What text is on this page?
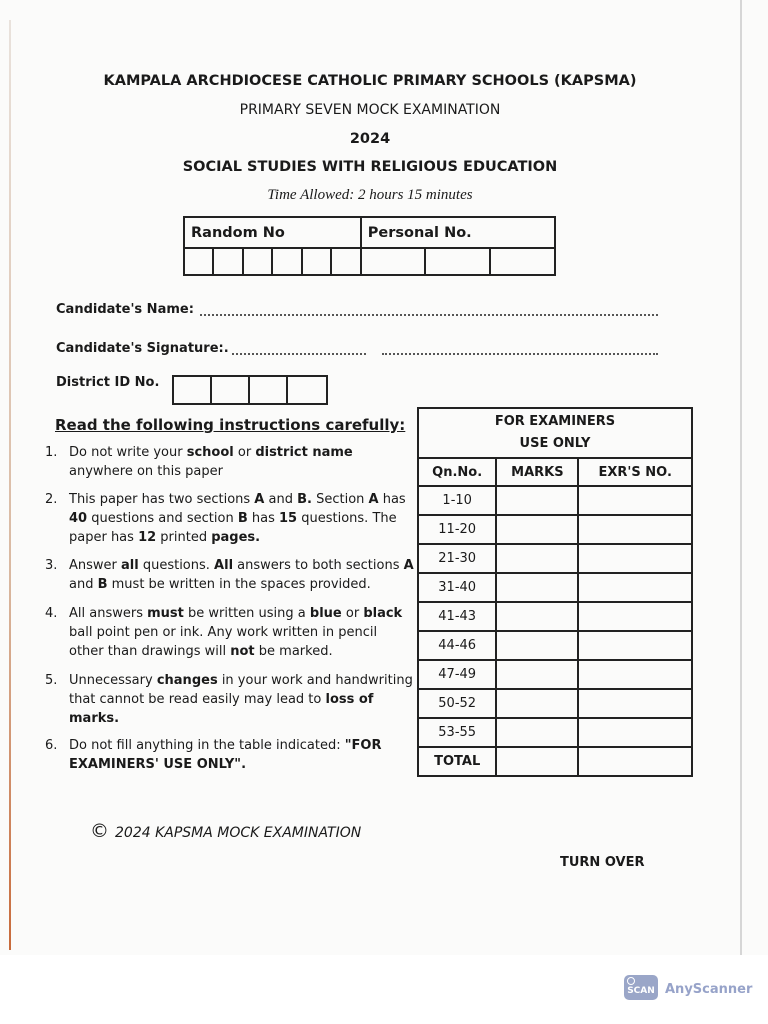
KAMPALA ARCHDIOCESE CATHOLIC PRIMARY SCHOOLS (KAPSMA)
PRIMARY SEVEN MOCK EXAMINATION
2024
SOCIAL STUDIES WITH RELIGIOUS EDUCATION
Time Allowed: 2 hours 15 minutes
Random No						Personal No.		

Candidate's Name:
Candidate's Signature:.
District ID No.
Read the following instructions carefully:
1. Do not write your school or district name anywhere on this paper
2. This paper has two sections A and B. Section A has 40 questions and section B has 15 questions. The paper has 12 printed pages.
3. Answer all questions. All answers to both sections A and B must be written in the spaces provided.
4. All answers must be written using a blue or black ball point pen or ink. Any work written in pencil other than drawings will not be marked.
5. Unnecessary changes in your work and handwriting that cannot be read easily may lead to loss of marks.
6. Do not fill anything in the table indicated: "FOR EXAMINERS' USE ONLY".
FOR EXAMINERS
USE ONLY		

Qn.No.	MARKS	EXR'S NO.
1-10		
11-20		
21-30		
31-40		
41-43		
44-46		
47-49		
50-52		
53-55		
TOTAL		
© 2024 KAPSMA MOCK EXAMINATION
TURN OVER
SCAN AnyScanner
